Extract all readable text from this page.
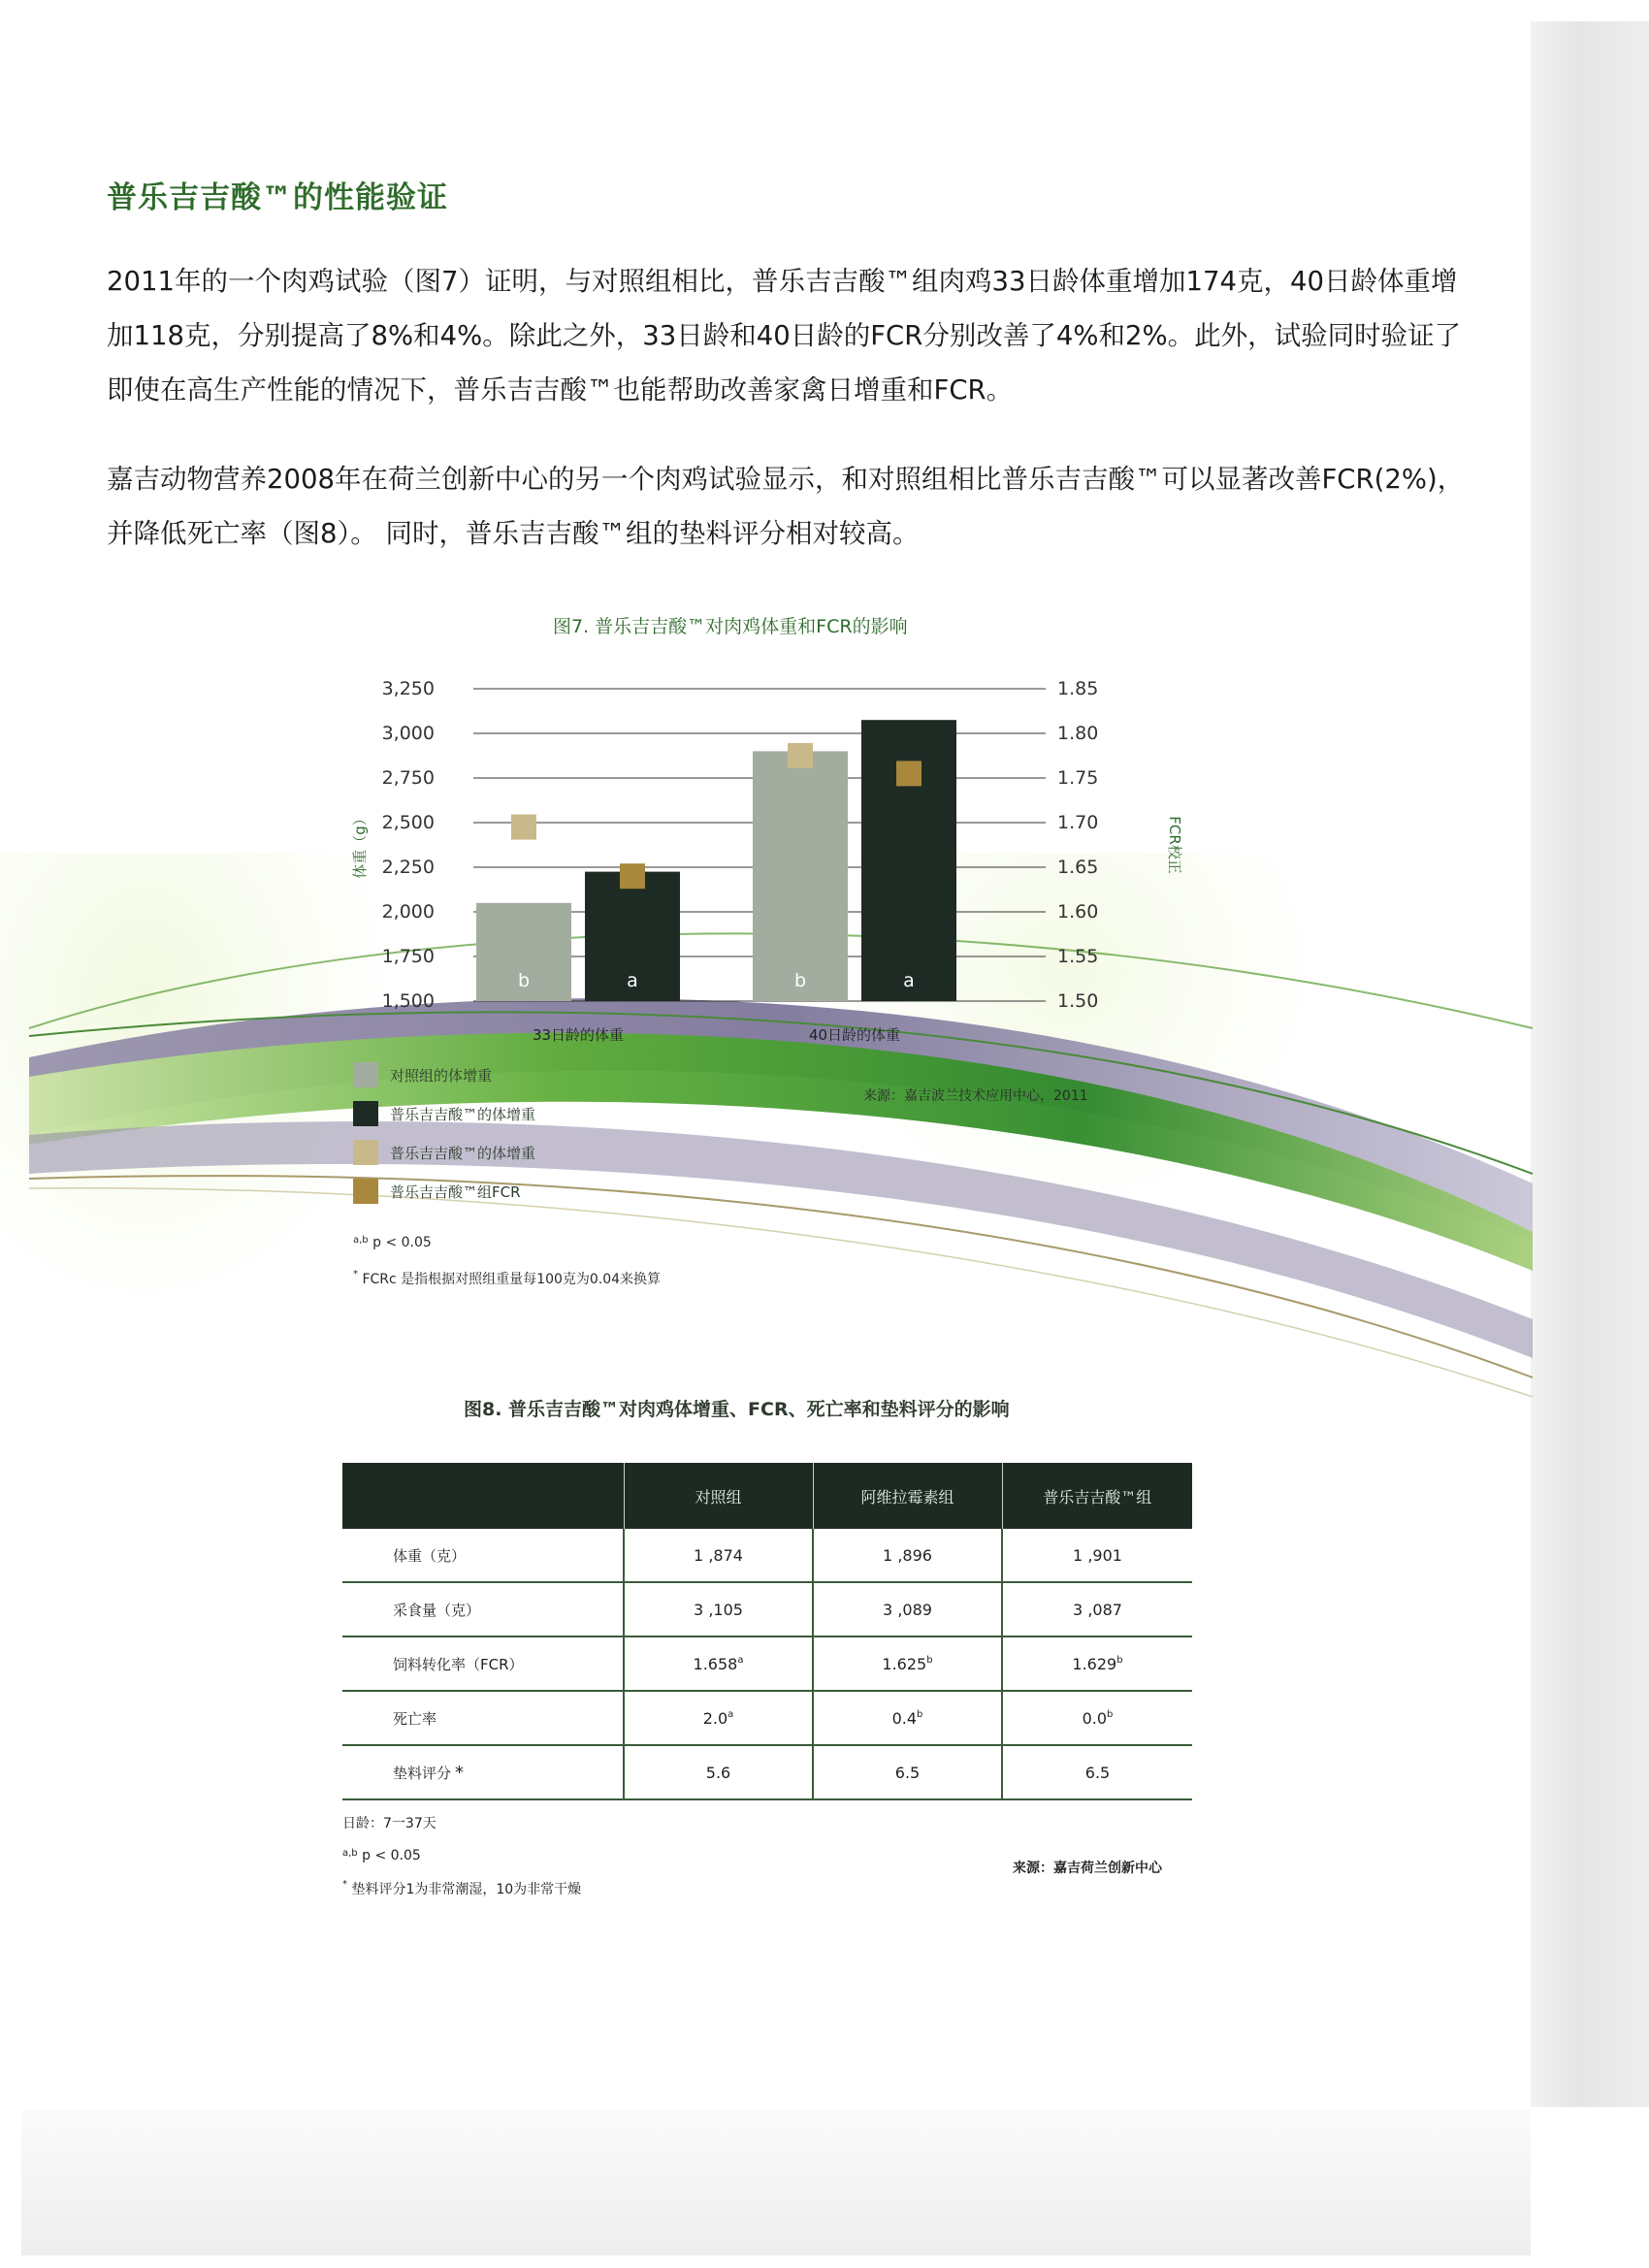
普乐吉吉酸™的性能验证
2011年的一个肉鸡试验（图7）证明，与对照组相比，普乐吉吉酸™组肉鸡33日龄体重增加174克，40日龄体重增加118克，分别提高了8%和4%。除此之外，33日龄和40日龄的FCR分别改善了4%和2%。此外，试验同时验证了即使在高生产性能的情况下，普乐吉吉酸™也能帮助改善家禽日增重和FCR。
嘉吉动物营养2008年在荷兰创新中心的另一个肉鸡试验显示，和对照组相比普乐吉吉酸™可以显著改善FCR(2%)，并降低死亡率（图8）。 同时，普乐吉吉酸™组的垫料评分相对较高。
图7. 普乐吉吉酸™对肉鸡体重和FCR的影响
1,500	1.50
1,750	1.55
2,000	1.60
2,250	1.65
2,500	1.70
2,750	1.75
3,000	1.80
3,250	1.85
体重（g）	FCR校正
b	a
33日龄的体重
b	a
40日龄的体重
对照组的体增重
普乐吉吉酸™的体增重
普乐吉吉酸™的体增重
普乐吉吉酸™组FCR
来源：嘉吉波兰技术应用中心，2011
$^{a,b}$ p < 0.05
* FCRc 是指根据对照组重量每100克为0.04来换算
图8. 普乐吉吉酸™对肉鸡体增重、FCR、死亡率和垫料评分的影响
	对照组	阿维拉霉素组	普乐吉吉酸™组
体重（克）	1 ,874	1 ,896	1 ,901
采食量（克）	3 ,105	3 ,089	3 ,087
饲料转化率（FCR）	1.658$^a$	1.625$^b$	1.629$^b$
死亡率	2.0$^a$	0.4$^b$	0.0$^b$
垫料评分 *	5.6	6.5	6.5
日龄：7一37天
$^{a,b}$ p < 0.05
* 垫料评分1为非常潮湿，10为非常干燥
来源：嘉吉荷兰创新中心
